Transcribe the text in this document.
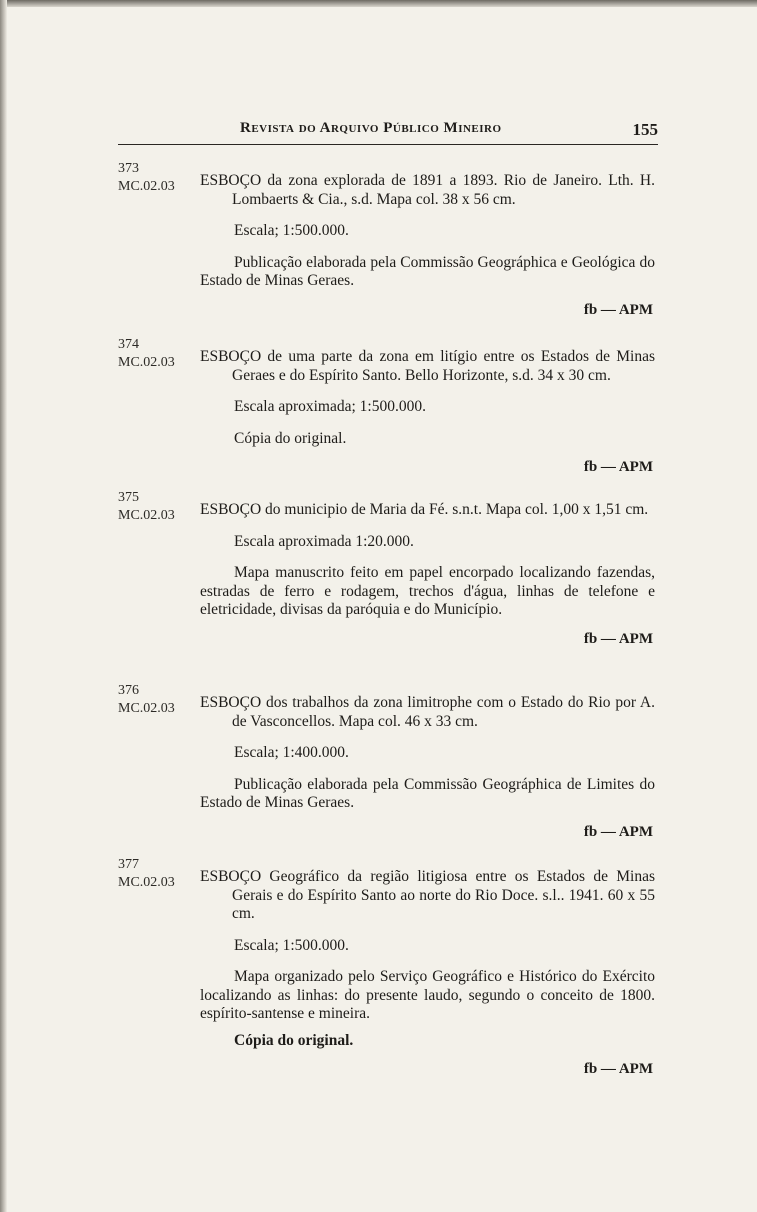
Revista do Arquivo Público Mineiro	155
373
MC.02.03 ESBOÇO da zona explorada de 1891 a 1893. Rio de Janeiro. Lth. H. Lombaerts & Cia., s.d. Mapa col. 38 x 56 cm.

Escala; 1:500.000.

Publicação elaborada pela Commissão Geográphica e Geológica do Estado de Minas Geraes.

fb — APM

374
MC.02.03 ESBOÇO de uma parte da zona em litígio entre os Estados de Minas Geraes e do Espírito Santo. Bello Horizonte, s.d. 34 x 30 cm.

Escala aproximada; 1:500.000.

Cópia do original.

fb — APM

375
MC.02.03 ESBOÇO do municipio de Maria da Fé. s.n.t. Mapa col. 1,00 x 1,51 cm.

Escala aproximada 1:20.000.

Mapa manuscrito feito em papel encorpado localizando fazendas, estradas de ferro e rodagem, trechos d'água, linhas de telefone e eletricidade, divisas da paróquia e do Município.

fb — APM

376
MC.02.03 ESBOÇO dos trabalhos da zona limitrophe com o Estado do Rio por A. de Vasconcellos. Mapa col. 46 x 33 cm.

Escala; 1:400.000.

Publicação elaborada pela Commissão Geográphica de Limites do Estado de Minas Geraes.

fb — APM

377
MC.02.03 ESBOÇO Geográfico da região litigiosa entre os Estados de Minas Gerais e do Espírito Santo ao norte do Rio Doce. s.l.. 1941. 60 x 55 cm.

Escala; 1:500.000.

Mapa organizado pelo Serviço Geográfico e Histórico do Exército localizando as linhas: do presente laudo, segundo o conceito de 1800. espírito-santense e mineira.

Cópia do original.

fb — APM
